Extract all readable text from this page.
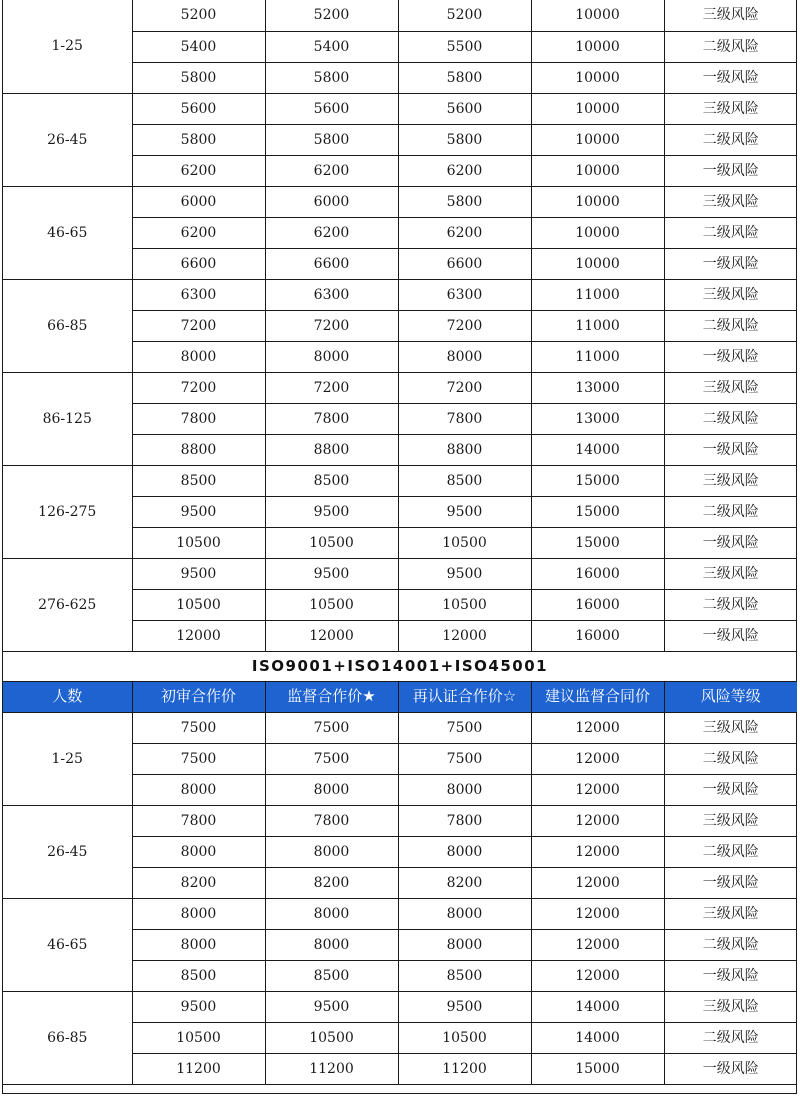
1-25	5200	5200	5200	10000	三级风险
	5400	5400	5500	10000	二级风险
	5800	5800	5800	10000	一级风险
26-45	5600	5600	5600	10000	三级风险
	5800	5800	5800	10000	二级风险
	6200	6200	6200	10000	一级风险
46-65	6000	6000	5800	10000	三级风险
	6200	6200	6200	10000	二级风险
	6600	6600	6600	10000	一级风险
66-85	6300	6300	6300	11000	三级风险
	7200	7200	7200	11000	二级风险
	8000	8000	8000	11000	一级风险
86-125	7200	7200	7200	13000	三级风险
	7800	7800	7800	13000	二级风险
	8800	8800	8800	14000	一级风险
126-275	8500	8500	8500	15000	三级风险
	9500	9500	9500	15000	二级风险
	10500	10500	10500	15000	一级风险
276-625	9500	9500	9500	16000	三级风险
	10500	10500	10500	16000	二级风险
	12000	12000	12000	16000	一级风险
ISO9001+ISO14001+ISO45001					
人数	初审合作价	监督合作价★	再认证合作价☆	建议监督合同价	风险等级
1-25	7500	7500	7500	12000	三级风险
	7500	7500	7500	12000	二级风险
	8000	8000	8000	12000	一级风险
26-45	7800	7800	7800	12000	三级风险
	8000	8000	8000	12000	二级风险
	8200	8200	8200	12000	一级风险
46-65	8000	8000	8000	12000	三级风险
	8000	8000	8000	12000	二级风险
	8500	8500	8500	12000	一级风险
66-85	9500	9500	9500	14000	三级风险
	10500	10500	10500	14000	二级风险
	11200	11200	11200	15000	一级风险
